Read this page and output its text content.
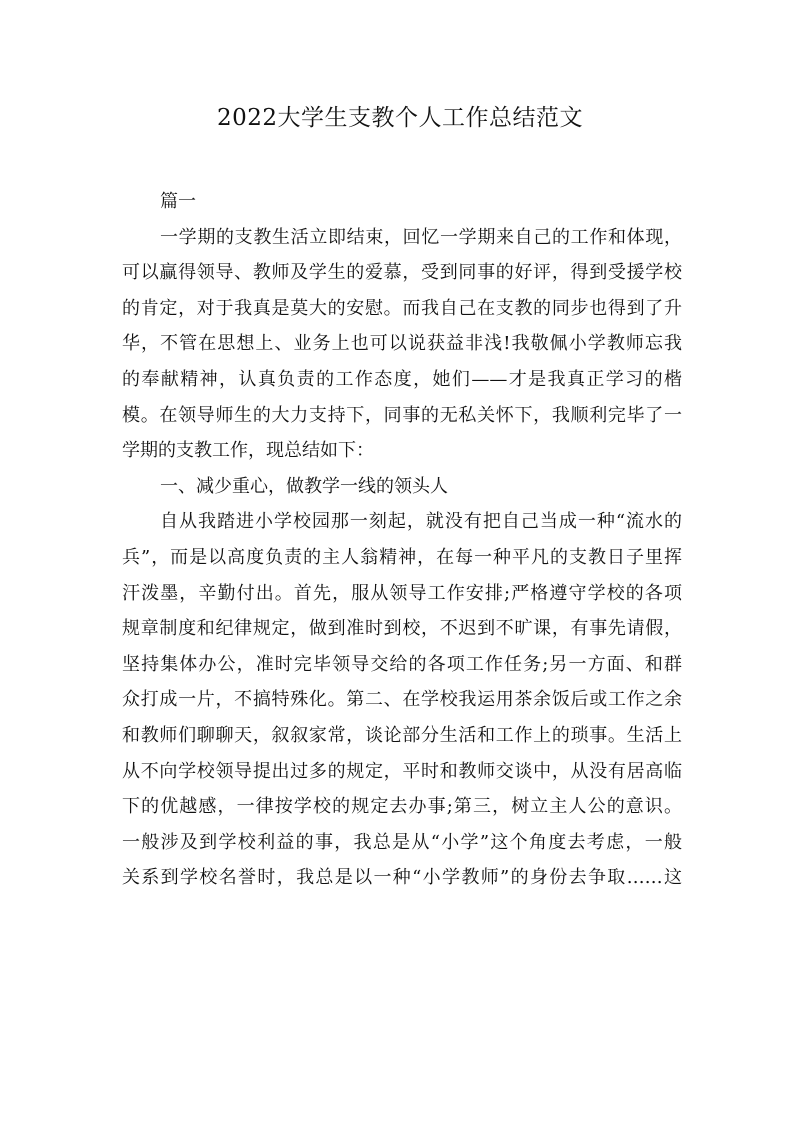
2022大学生支教个人工作总结范文

篇一

一学期的支教生活立即结束，回忆一学期来自己的工作和体现，

可以赢得领导、教师及学生的爱慕，受到同事的好评，得到受援学校

的肯定，对于我真是莫大的安慰。而我自己在支教的同步也得到了升

华，不管在思想上、业务上也可以说获益非浅!我敬佩小学教师忘我

的奉献精神，认真负责的工作态度，她们——才是我真正学习的楷

模。在领导师生的大力支持下，同事的无私关怀下，我顺利完毕了一

学期的支教工作，现总结如下：

一、减少重心，做教学一线的领头人

自从我踏进小学校园那一刻起，就没有把自己当成一种“流水的

兵”，而是以高度负责的主人翁精神，在每一种平凡的支教日子里挥

汗泼墨，辛勤付出。首先，服从领导工作安排;严格遵守学校的各项

规章制度和纪律规定，做到准时到校，不迟到不旷课，有事先请假，

坚持集体办公，准时完毕领导交给的各项工作任务;另一方面、和群

众打成一片，不搞特殊化。第二、在学校我运用茶余饭后或工作之余

和教师们聊聊天，叙叙家常，谈论部分生活和工作上的琐事。生活上

从不向学校领导提出过多的规定，平时和教师交谈中，从没有居高临

下的优越感，一律按学校的规定去办事;第三，树立主人公的意识。

一般涉及到学校利益的事，我总是从“小学”这个角度去考虑，一般

关系到学校名誉时，我总是以一种“小学教师”的身份去争取……这
